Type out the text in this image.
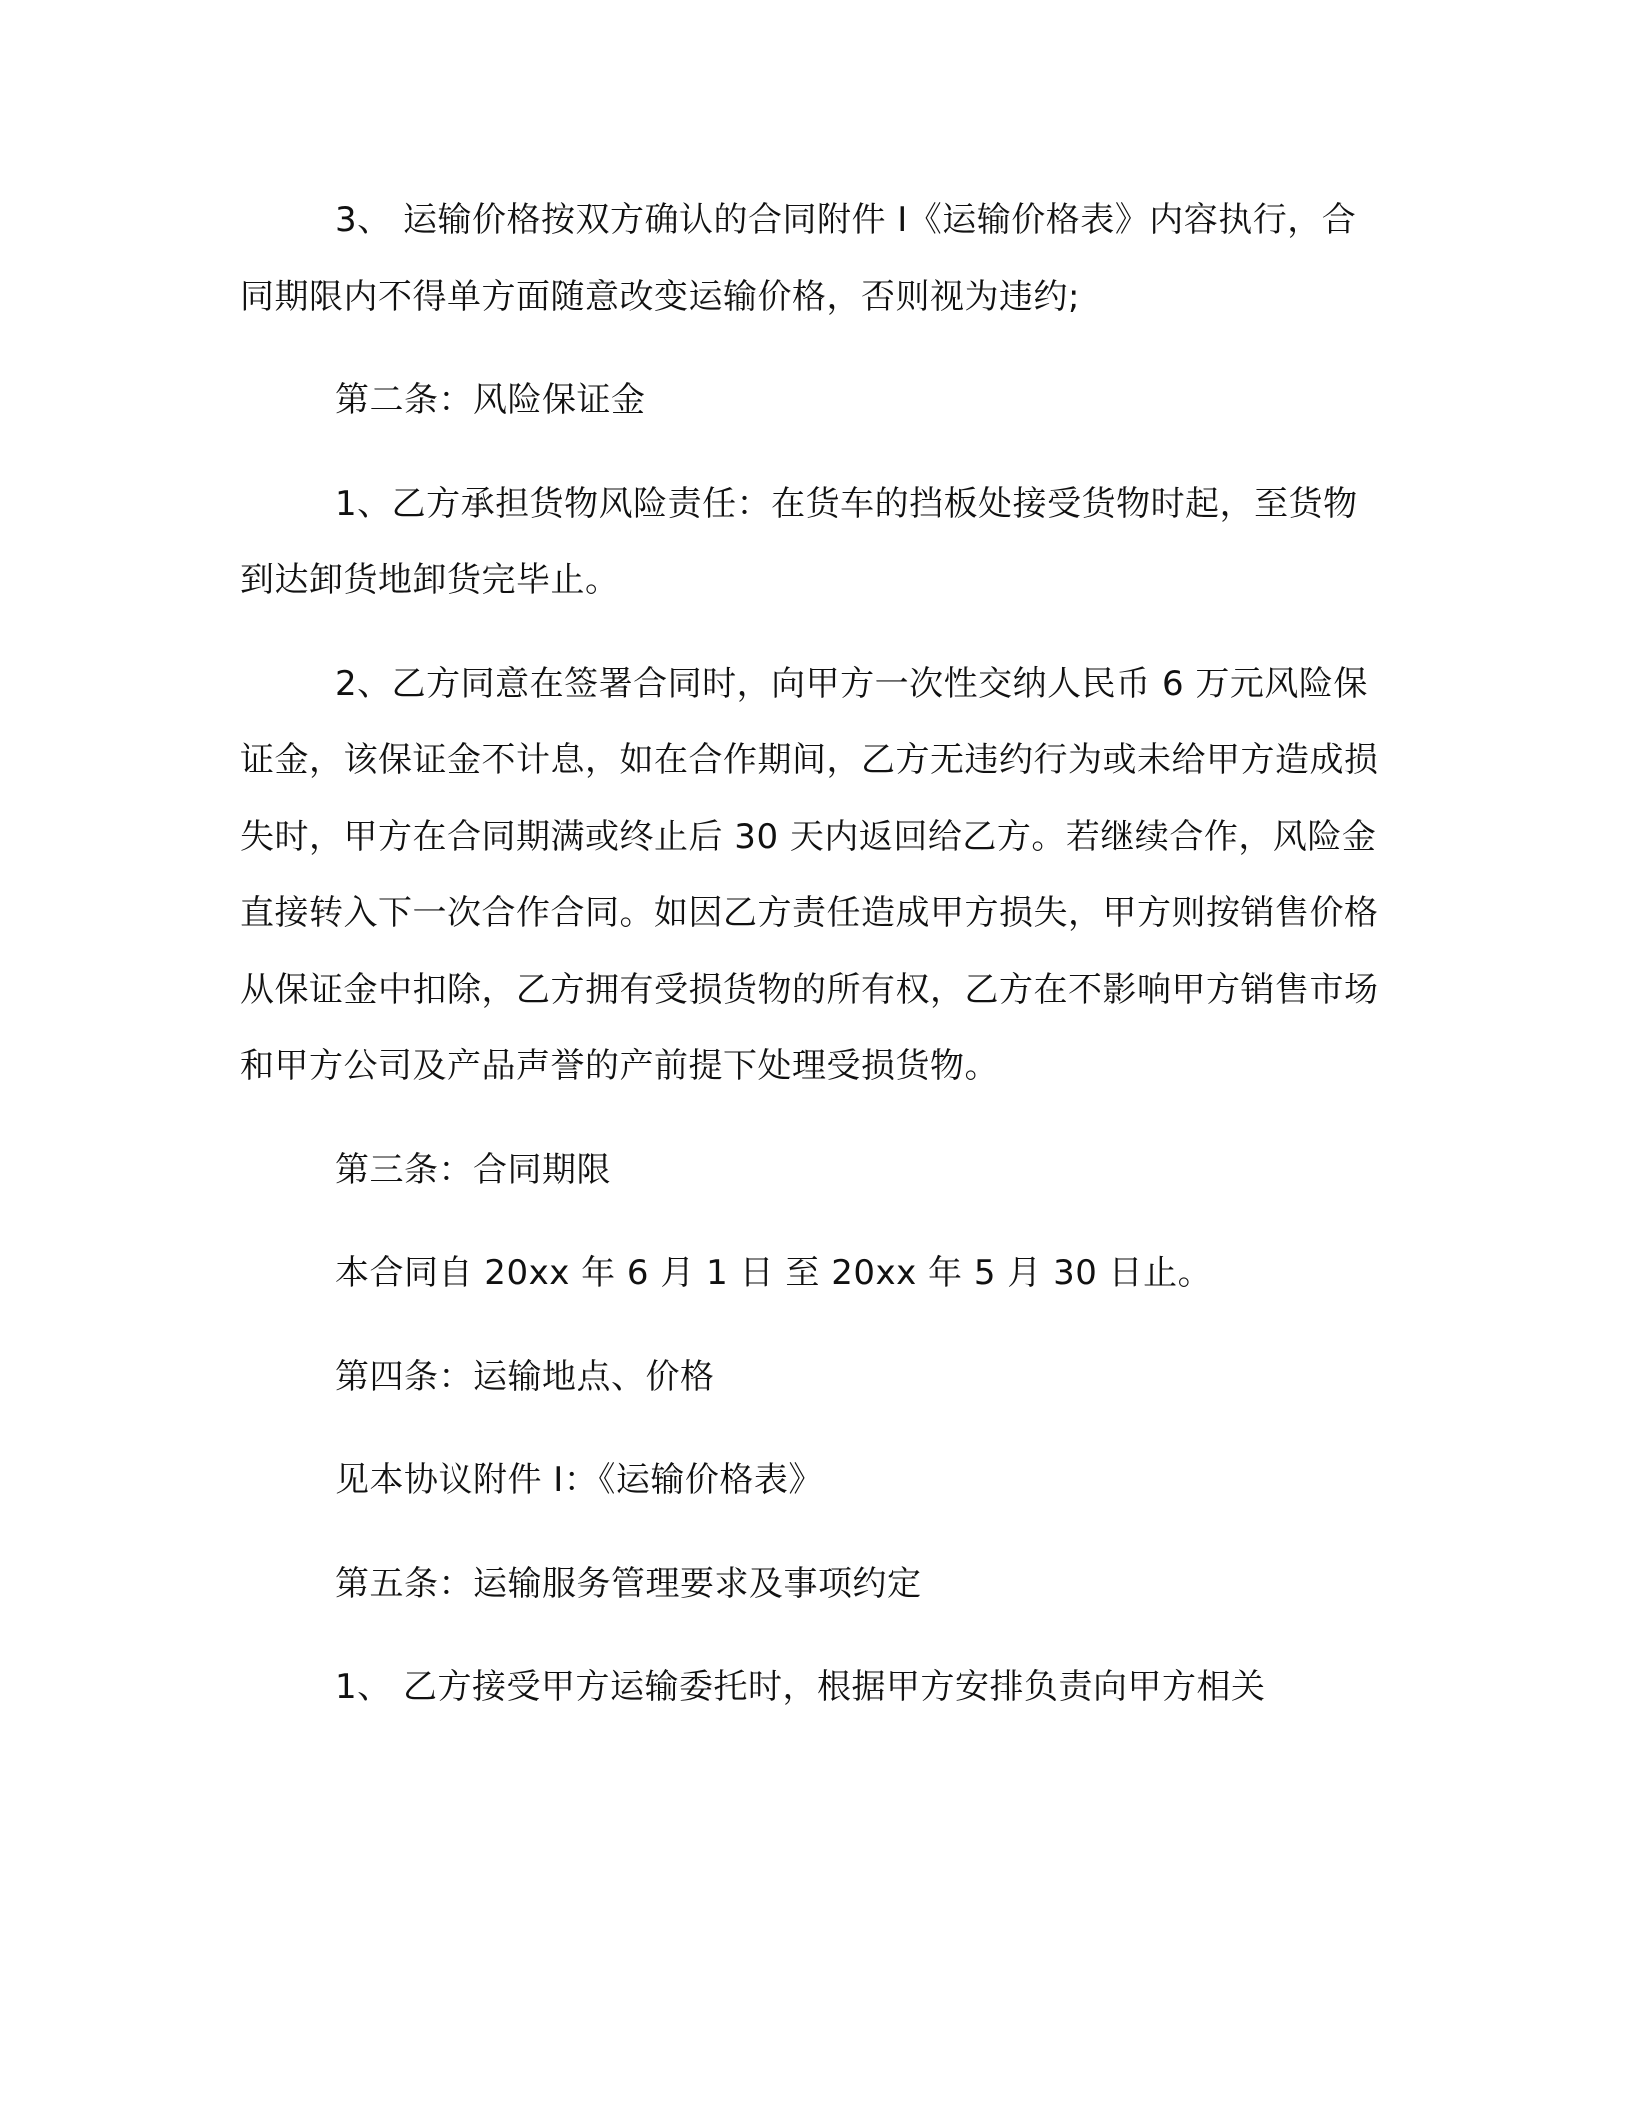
3、 运输价格按双方确认的合同附件 I《运输价格表》内容执行，合同期限内不得单方面随意改变运输价格，否则视为违约;

第二条：风险保证金

1、乙方承担货物风险责任：在货车的挡板处接受货物时起，至货物到达卸货地卸货完毕止。

2、乙方同意在签署合同时，向甲方一次性交纳人民币 6 万元风险保证金，该保证金不计息，如在合作期间，乙方无违约行为或未给甲方造成损失时，甲方在合同期满或终止后 30 天内返回给乙方。若继续合作，风险金直接转入下一次合作合同。如因乙方责任造成甲方损失，甲方则按销售价格从保证金中扣除，乙方拥有受损货物的所有权，乙方在不影响甲方销售市场和甲方公司及产品声誉的产前提下处理受损货物。

第三条：合同期限

本合同自 20xx 年 6 月 1 日 至 20xx 年 5 月 30 日止。

第四条：运输地点、价格

见本协议附件 I：《运输价格表》

第五条：运输服务管理要求及事项约定

1、 乙方接受甲方运输委托时，根据甲方安排负责向甲方相关
